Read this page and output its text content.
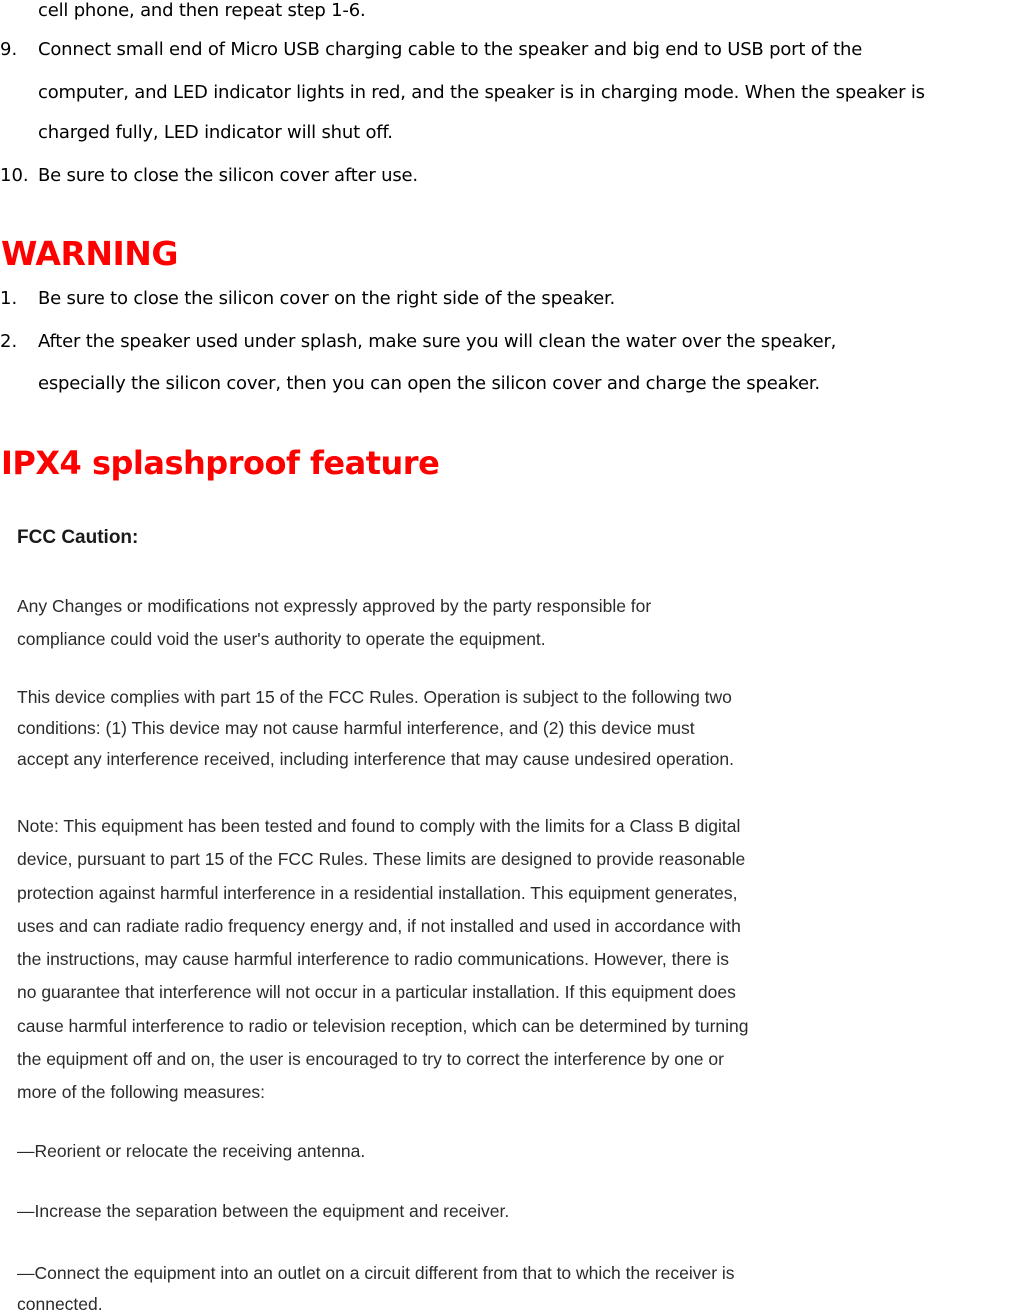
cell phone, and then repeat step 1-6.
9. Connect small end of Micro USB charging cable to the speaker and big end to USB port of the
computer, and LED indicator lights in red, and the speaker is in charging mode. When the speaker is
charged fully, LED indicator will shut off.
10. Be sure to close the silicon cover after use.
WARNING
1. Be sure to close the silicon cover on the right side of the speaker.
2. After the speaker used under splash, make sure you will clean the water over the speaker,
especially the silicon cover, then you can open the silicon cover and charge the speaker.
IPX4 splashproof feature
FCC Caution:
Any Changes or modifications not expressly approved by the party responsible for
compliance could void the user's authority to operate the equipment.
This device complies with part 15 of the FCC Rules. Operation is subject to the following two
conditions: (1) This device may not cause harmful interference, and (2) this device must
accept any interference received, including interference that may cause undesired operation.
Note: This equipment has been tested and found to comply with the limits for a Class B digital
device, pursuant to part 15 of the FCC Rules. These limits are designed to provide reasonable
protection against harmful interference in a residential installation. This equipment generates,
uses and can radiate radio frequency energy and, if not installed and used in accordance with
the instructions, may cause harmful interference to radio communications. However, there is
no guarantee that interference will not occur in a particular installation. If this equipment does
cause harmful interference to radio or television reception, which can be determined by turning
the equipment off and on, the user is encouraged to try to correct the interference by one or
more of the following measures:
—Reorient or relocate the receiving antenna.
—Increase the separation between the equipment and receiver.
—Connect the equipment into an outlet on a circuit different from that to which the receiver is
connected.
